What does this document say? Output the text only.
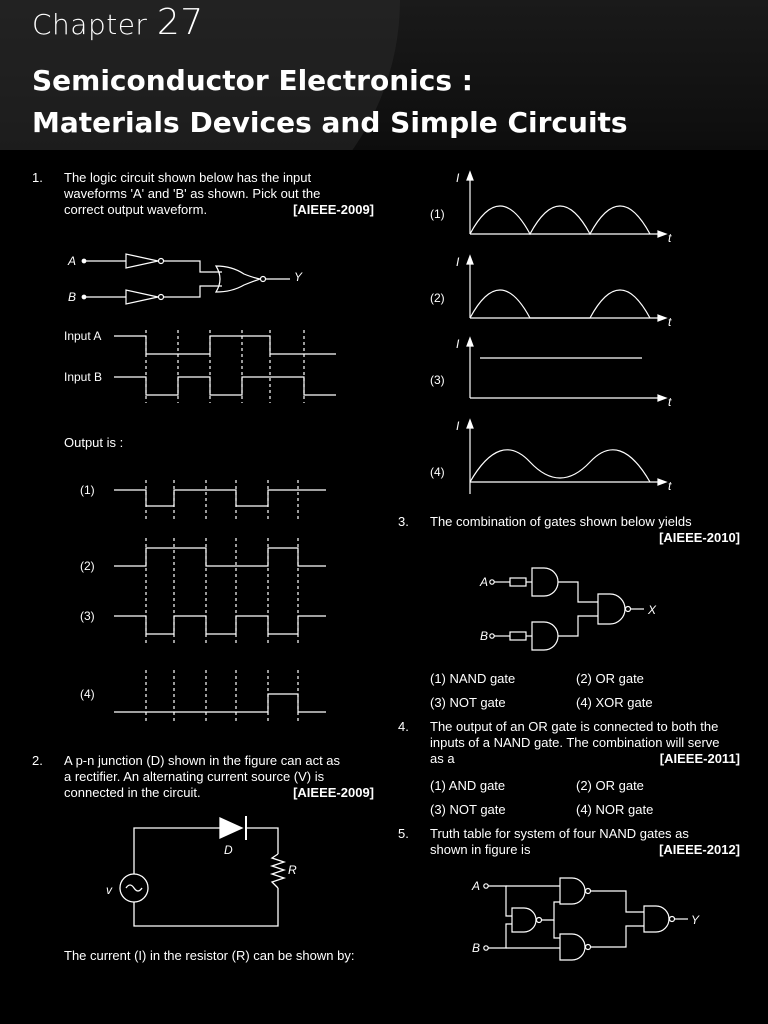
Chapter 27
Semiconductor Electronics :
Materials Devices and Simple Circuits
1.	The logic circuit shown below has the input
waveforms 'A' and 'B' as shown. Pick out the
correct output waveform.	[AIEEE-2009]
A
B
Y
Input A
Input B
Output is :
(1)
(2)
(3)
(4)
2.	A p-n junction (D) shown in the figure can act as
a rectifier. An alternating current source (V) is
connected in the circuit.	[AIEEE-2009]
D
R
v
The current (I) in the resistor (R) can be shown by:
(1)
I
t
(2)
I
t
(3)
I
t
(4)
I
t
3.	The combination of gates shown below yields
[AIEEE-2010]
A
B
X
(1) NAND gate	(2) OR gate
(3) NOT gate	(4) XOR gate
4.	The output of an OR gate is connected to both the
inputs of a NAND gate. The combination will serve
as a	[AIEEE-2011]
(1) AND gate	(2) OR gate
(3) NOT gate	(4) NOR gate
5.	Truth table for system of four NAND gates as
shown in figure is	[AIEEE-2012]
A
B
Y
